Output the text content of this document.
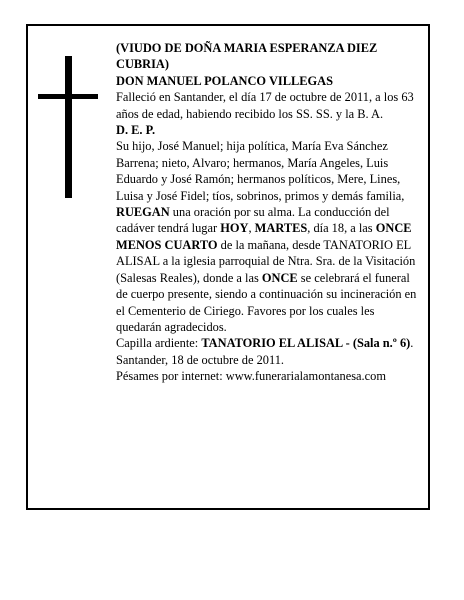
(VIUDO DE DOÑA MARIA ESPERANZA DIEZ CUBRIA)

DON MANUEL POLANCO VILLEGAS

Falleció en Santander, el día 17 de octubre de 2011, a los 63 años de edad, habiendo recibido los SS. SS. y la B. A.

D. E. P.

Su hijo, José Manuel; hija política, María Eva Sánchez Barrena; nieto, Alvaro; hermanos, María Angeles, Luis Eduardo y José Ramón; hermanos políticos, Mere, Lines, Luisa y José Fidel; tíos, sobrinos, primos y demás familia,

RUEGAN una oración por su alma. La conducción del cadáver tendrá lugar HOY, MARTES, día 18, a las ONCE MENOS CUARTO de la mañana, desde TANATORIO EL ALISAL a la iglesia parroquial de Ntra. Sra. de la Visitación (Salesas Reales), donde a las ONCE se celebrará el funeral de cuerpo presente, siendo a continuación su incineración en el Cementerio de Ciriego. Favores por los cuales les quedarán agradecidos.

Capilla ardiente: TANATORIO EL ALISAL - (Sala n.º 6).

Santander, 18 de octubre de 2011.

Pésames por internet: www.funerarialamontanesa.com
